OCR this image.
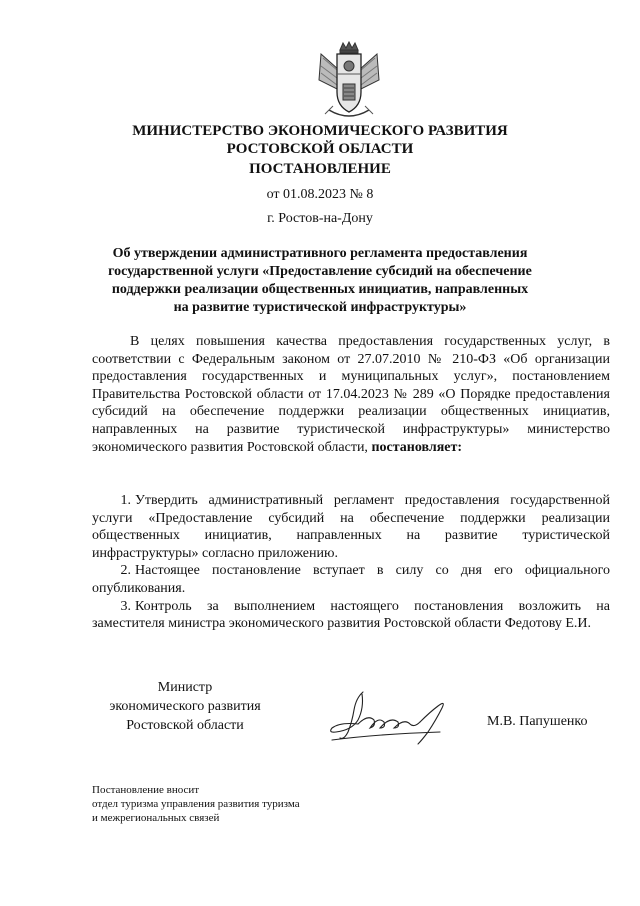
МИНИСТЕРСТВО ЭКОНОМИЧЕСКОГО РАЗВИТИЯ
РОСТОВСКОЙ ОБЛАСТИ
ПОСТАНОВЛЕНИЕ
от 01.08.2023 № 8
г. Ростов-на-Дону
Об утверждении административного регламента предоставления
государственной услуги «Предоставление субсидий на обеспечение
поддержки реализации общественных инициатив, направленных
на развитие туристической инфраструктуры»
В целях повышения качества предоставления государственных услуг, в соответствии с Федеральным законом от 27.07.2010 № 210-ФЗ «Об организации предоставления государственных и муниципальных услуг», постановлением Правительства Ростовской области от 17.04.2023 № 289 «О Порядке предоставления субсидий на обеспечение поддержки реализации общественных инициатив, направленных на развитие туристической инфраструктуры» министерство экономического развития Ростовской области, постановляет:

1. Утвердить административный регламент предоставления государственной услуги «Предоставление субсидий на обеспечение поддержки реализации общественных инициатив, направленных на развитие туристической инфраструктуры» согласно приложению.

2. Настоящее постановление вступает в силу со дня его официального опубликования.

3. Контроль за выполнением настоящего постановления возложить на заместителя министра экономического развития Ростовской области Федотову Е.И.

Министр
экономического развития
Ростовской области	М.В. Папушенко
Постановление вносит
отдел туризма управления развития туризма
и межрегиональных связей
